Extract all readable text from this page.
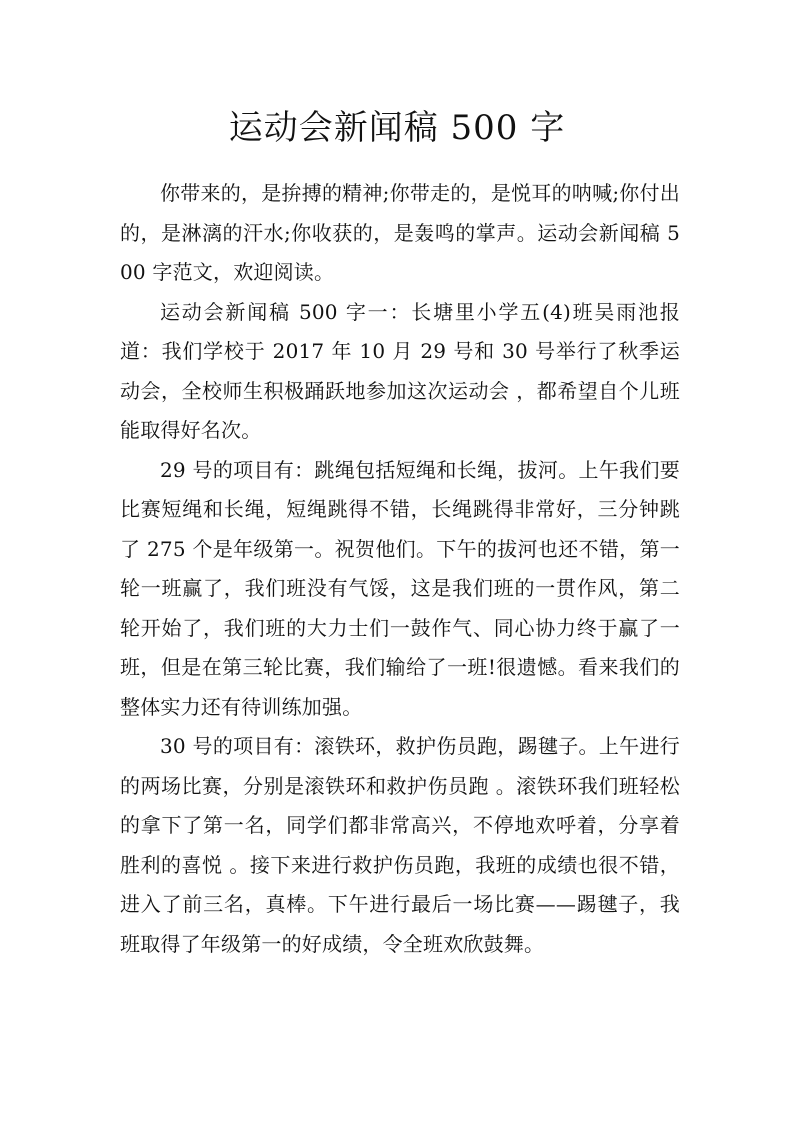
运动会新闻稿 500 字

你带来的，是拚搏的精神;你带走的，是悦耳的呐喊;你付出的，是淋漓的汗水;你收获的，是轰鸣的掌声。运动会新闻稿 500 字范文，欢迎阅读。

运动会新闻稿 500 字一：长塘里小学五(4)班吴雨池报道：我们学校于 2017 年 10 月 29 号和 30 号举行了秋季运动会，全校师生积极踊跃地参加这次运动会 ，都希望自个儿班能取得好名次。

29 号的项目有：跳绳包括短绳和长绳，拔河。上午我们要比赛短绳和长绳，短绳跳得不错，长绳跳得非常好，三分钟跳了 275 个是年级第一。祝贺他们。下午的拔河也还不错，第一轮一班赢了，我们班没有气馁，这是我们班的一贯作风，第二轮开始了，我们班的大力士们一鼓作气、同心协力终于赢了一班，但是在第三轮比赛，我们输给了一班!很遗憾。看来我们的整体实力还有待训练加强。

30 号的项目有：滚铁环，救护伤员跑，踢毽子。上午进行的两场比赛，分别是滚铁环和救护伤员跑 。滚铁环我们班轻松的拿下了第一名，同学们都非常高兴，不停地欢呼着，分享着胜利的喜悦 。接下来进行救护伤员跑，我班的成绩也很不错，进入了前三名，真棒。下午进行最后一场比赛——踢毽子，我班取得了年级第一的好成绩，令全班欢欣鼓舞。
